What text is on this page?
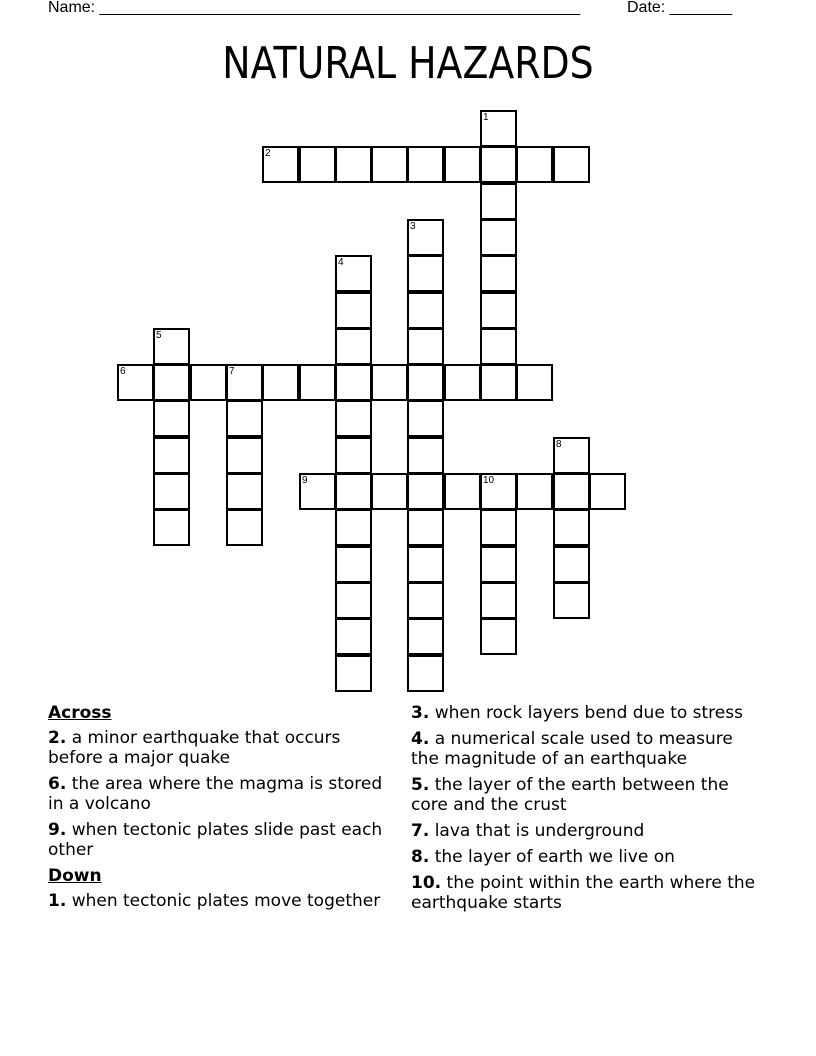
Name: ______________________________________________________	Date: _______
NATURAL HAZARDS
1
2
3
4
5
6	7
8
9	10
Across
2. a minor earthquake that occurs before a major quake
6. the area where the magma is stored in a volcano
9. when tectonic plates slide past each other
Down
1. when tectonic plates move together
3. when rock layers bend due to stress
4. a numerical scale used to measure the magnitude of an earthquake
5. the layer of the earth between the core and the crust
7. lava that is underground
8. the layer of earth we live on
10. the point within the earth where the earthquake starts
